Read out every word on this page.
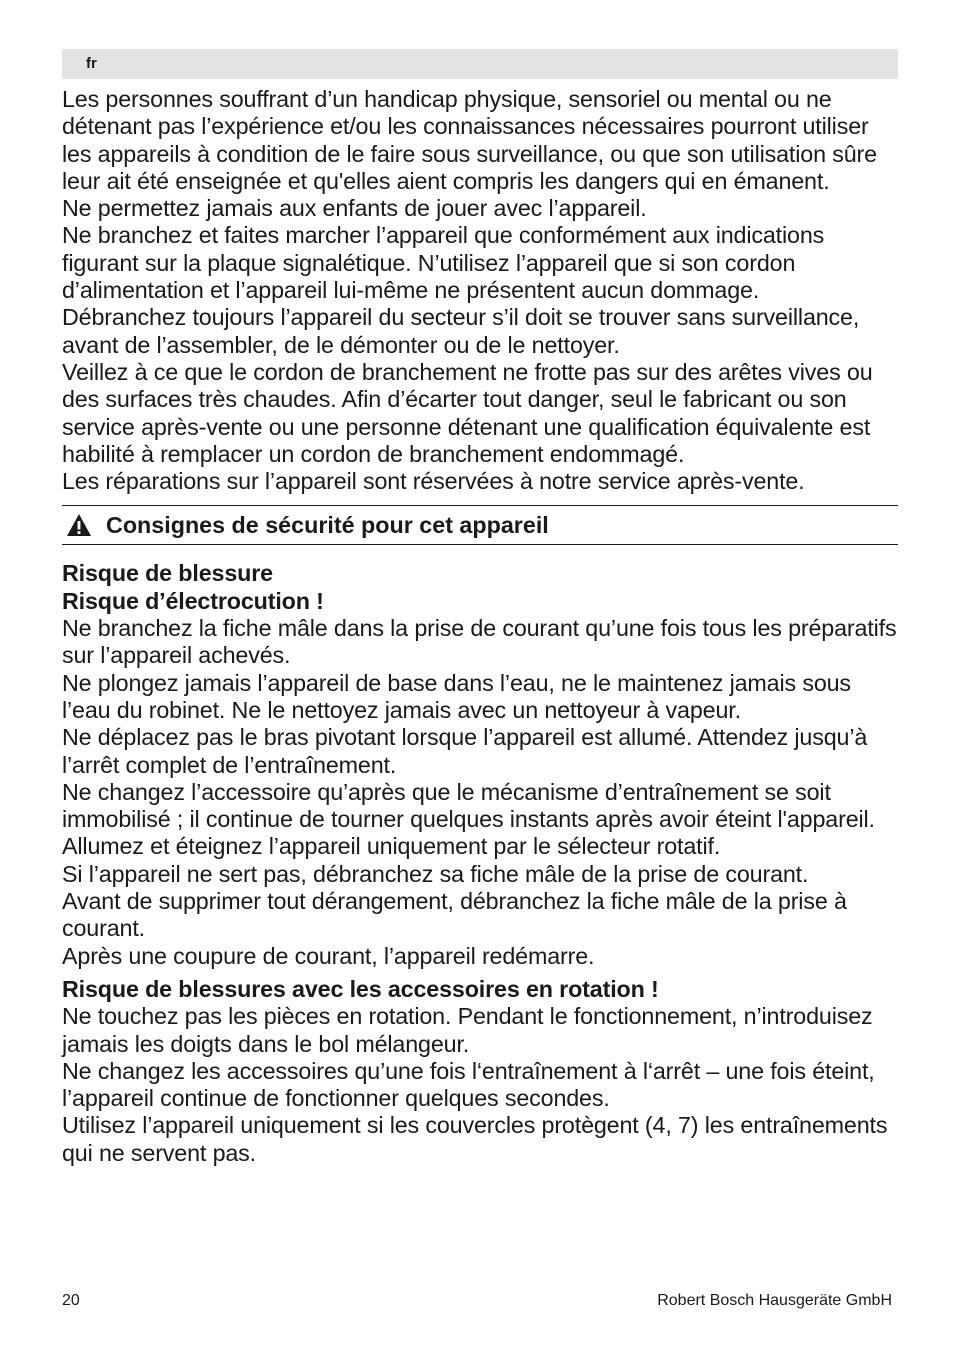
fr

Les personnes souffrant d’un handicap physique, sensoriel ou mental ou ne détenant pas l’expérience et/ou les connaissances nécessaires pourront utiliser les appareils à condition de le faire sous surveillance, ou que son utilisation sûre leur ait été enseignée et qu'elles aient compris les dangers qui en émanent.

Ne permettez jamais aux enfants de jouer avec l’appareil.

Ne branchez et faites marcher l’appareil que conformément aux indications figurant sur la plaque signalétique. N’utilisez l’appareil que si son cordon d’alimentation et l’appareil lui-même ne présentent aucun dommage.

Débranchez toujours l’appareil du secteur s’il doit se trouver sans surveillance, avant de l’assembler, de le démonter ou de le nettoyer.

Veillez à ce que le cordon de branchement ne frotte pas sur des arêtes vives ou des surfaces très chaudes. Afin d’écarter tout danger, seul le fabricant ou son service après-vente ou une personne détenant une qualification équivalente est habilité à remplacer un cordon de branchement endommagé.

Les réparations sur l’appareil sont réservées à notre service après-vente.

Consignes de sécurité pour cet appareil

Risque de blessure

Risque d’électrocution !

Ne branchez la fiche mâle dans la prise de courant qu’une fois tous les préparatifs sur l’appareil achevés.

Ne plongez jamais l’appareil de base dans l’eau, ne le maintenez jamais sous l’eau du robinet. Ne le nettoyez jamais avec un nettoyeur à vapeur.

Ne déplacez pas le bras pivotant lorsque l’appareil est allumé. Attendez jusqu’à l’arrêt complet de l’entraînement.

Ne changez l’accessoire qu’après que le mécanisme d’entraînement se soit immobilisé ; il continue de tourner quelques instants après avoir éteint l'appareil.

Allumez et éteignez l’appareil uniquement par le sélecteur rotatif.

Si l’appareil ne sert pas, débranchez sa fiche mâle de la prise de courant.

Avant de supprimer tout dérangement, débranchez la fiche mâle de la prise à courant.

Après une coupure de courant, l’appareil redémarre.

Risque de blessures avec les accessoires en rotation !

Ne touchez pas les pièces en rotation. Pendant le fonctionnement, n’introduisez jamais les doigts dans le bol mélangeur.

Ne changez les accessoires qu’une fois l‘entraînement à l‘arrêt – une fois éteint, l’appareil continue de fonctionner quelques secondes.

Utilisez l’appareil uniquement si les couvercles protègent (4, 7) les entraînements qui ne servent pas.

20	Robert Bosch Hausgeräte GmbH
